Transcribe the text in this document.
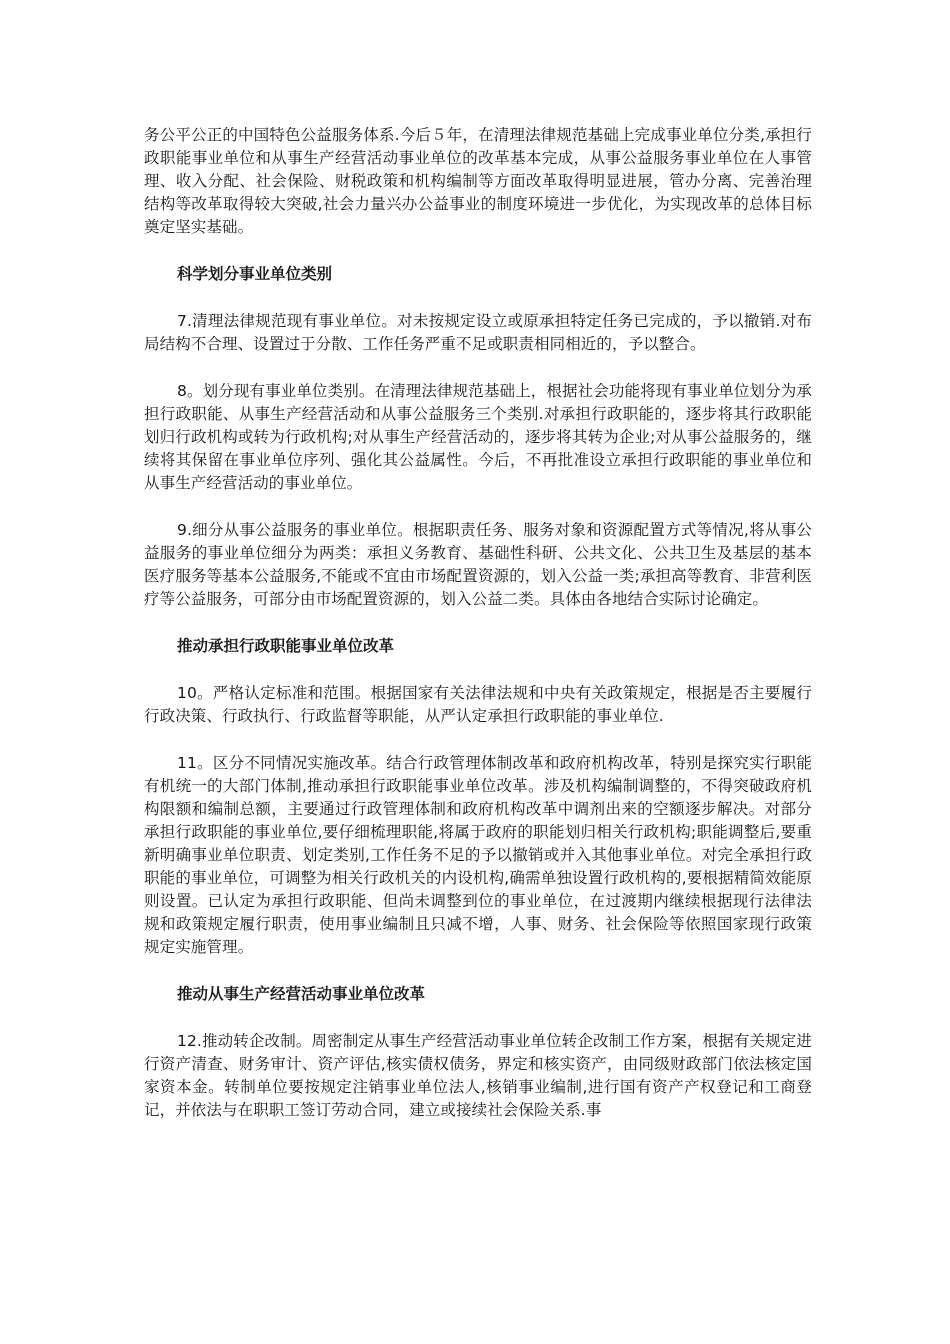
务公平公正的中国特色公益服务体系.今后５年，在清理法律规范基础上完成事业单位分类,承担行政职能事业单位和从事生产经营活动事业单位的改革基本完成，从事公益服务事业单位在人事管理、收入分配、社会保险、财税政策和机构编制等方面改革取得明显进展，管办分离、完善治理结构等改革取得较大突破,社会力量兴办公益事业的制度环境进一步优化，为实现改革的总体目标奠定坚实基础。

科学划分事业单位类别

7.清理法律规范现有事业单位。对未按规定设立或原承担特定任务已完成的，予以撤销.对布局结构不合理、设置过于分散、工作任务严重不足或职责相同相近的，予以整合。

8。划分现有事业单位类别。在清理法律规范基础上，根据社会功能将现有事业单位划分为承担行政职能、从事生产经营活动和从事公益服务三个类别.对承担行政职能的，逐步将其行政职能划归行政机构或转为行政机构;对从事生产经营活动的，逐步将其转为企业;对从事公益服务的，继续将其保留在事业单位序列、强化其公益属性。今后，不再批准设立承担行政职能的事业单位和从事生产经营活动的事业单位。

9.细分从事公益服务的事业单位。根据职责任务、服务对象和资源配置方式等情况,将从事公益服务的事业单位细分为两类：承担义务教育、基础性科研、公共文化、公共卫生及基层的基本医疗服务等基本公益服务,不能或不宜由市场配置资源的，划入公益一类;承担高等教育、非营利医疗等公益服务，可部分由市场配置资源的，划入公益二类。具体由各地结合实际讨论确定。

推动承担行政职能事业单位改革

10。严格认定标准和范围。根据国家有关法律法规和中央有关政策规定，根据是否主要履行行政决策、行政执行、行政监督等职能，从严认定承担行政职能的事业单位.

11。区分不同情况实施改革。结合行政管理体制改革和政府机构改革，特别是探究实行职能有机统一的大部门体制,推动承担行政职能事业单位改革。涉及机构编制调整的，不得突破政府机构限额和编制总额，主要通过行政管理体制和政府机构改革中调剂出来的空额逐步解决。对部分承担行政职能的事业单位,要仔细梳理职能,将属于政府的职能划归相关行政机构;职能调整后,要重新明确事业单位职责、划定类别,工作任务不足的予以撤销或并入其他事业单位。对完全承担行政职能的事业单位，可调整为相关行政机关的内设机构,确需单独设置行政机构的,要根据精简效能原则设置。已认定为承担行政职能、但尚未调整到位的事业单位，在过渡期内继续根据现行法律法规和政策规定履行职责，使用事业编制且只减不增，人事、财务、社会保险等依照国家现行政策规定实施管理。

推动从事生产经营活动事业单位改革

12.推动转企改制。周密制定从事生产经营活动事业单位转企改制工作方案，根据有关规定进行资产清查、财务审计、资产评估,核实债权债务，界定和核实资产，由同级财政部门依法核定国家资本金。转制单位要按规定注销事业单位法人,核销事业编制,进行国有资产产权登记和工商登记，并依法与在职职工签订劳动合同，建立或接续社会保险关系.事
